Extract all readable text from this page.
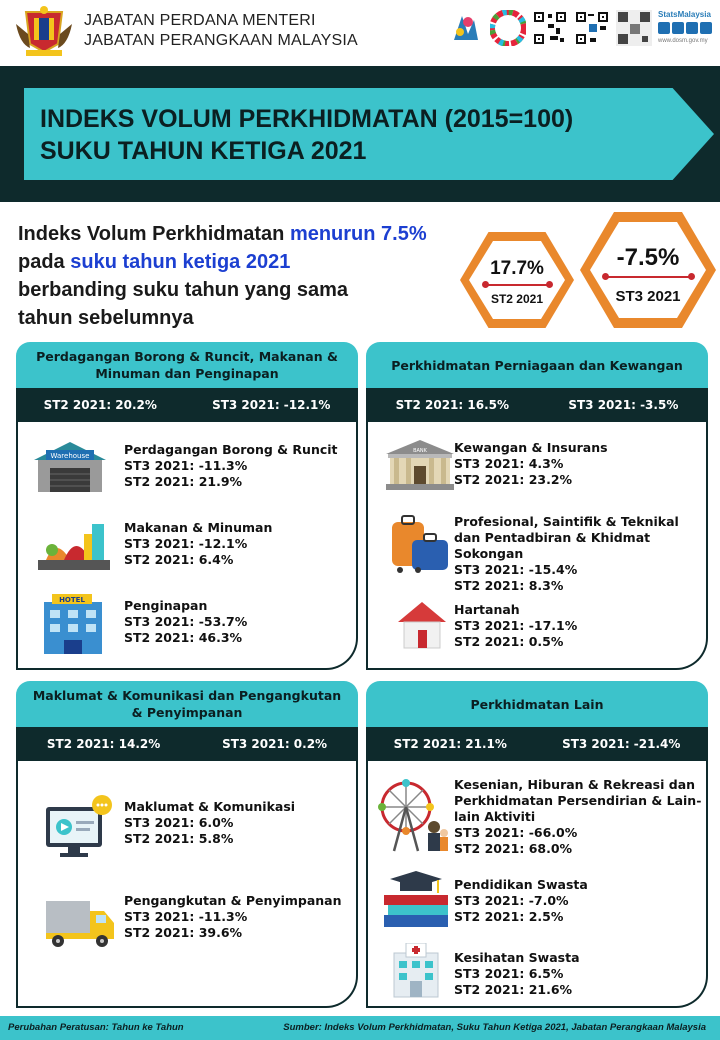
JABATAN PERDANA MENTERI
JABATAN PERANGKAAN MALAYSIA
StatsMalaysia
www.dosm.gov.my
INDEKS VOLUM PERKHIDMATAN (2015=100)
SUKU TAHUN KETIGA 2021
Indeks Volum Perkhidmatan menurun 7.5%
pada suku tahun ketiga 2021
berbanding suku tahun yang sama
tahun sebelumnya
17.7%
ST2 2021
-7.5%
ST3 2021
Perdagangan Borong & Runcit, Makanan & Minuman dan Penginapan
ST2 2021: 20.2%	ST3 2021: -12.1%
Warehouse	Perdagangan Borong & Runcit
ST3 2021: -11.3%
ST2 2021: 21.9%
Makanan & Minuman
ST3 2021: -12.1%
ST2 2021: 6.4%
HOTEL	Penginapan
ST3 2021: -53.7%
ST2 2021: 46.3%
Perkhidmatan Perniagaan dan Kewangan
ST2 2021: 16.5%	ST3 2021: -3.5%
BANK Kewangan & Insurans
ST3 2021: 4.3%
ST2 2021: 23.2%
Profesional, Saintifik & Teknikal dan Pentadbiran & Khidmat Sokongan
ST3 2021: -15.4%
ST2 2021: 8.3%
Hartanah
ST3 2021: -17.1%
ST2 2021: 0.5%
Maklumat & Komunikasi dan Pengangkutan & Penyimpanan
ST2 2021: 14.2%	ST3 2021: 0.2%
Maklumat & Komunikasi
ST3 2021: 6.0%
ST2 2021: 5.8%
Pengangkutan & Penyimpanan
ST3 2021: -11.3%
ST2 2021: 39.6%
Perkhidmatan Lain
ST2 2021: 21.1%	ST3 2021: -21.4%
Kesenian, Hiburan & Rekreasi dan Perkhidmatan Persendirian & Lain-lain Aktiviti
ST3 2021: -66.0%
ST2 2021: 68.0%
Pendidikan Swasta
ST3 2021: -7.0%
ST2 2021: 2.5%
Kesihatan Swasta
ST3 2021: 6.5%
ST2 2021: 21.6%
Perubahan Peratusan: Tahun ke Tahun	Sumber: Indeks Volum Perkhidmatan, Suku Tahun Ketiga 2021, Jabatan Perangkaan Malaysia
